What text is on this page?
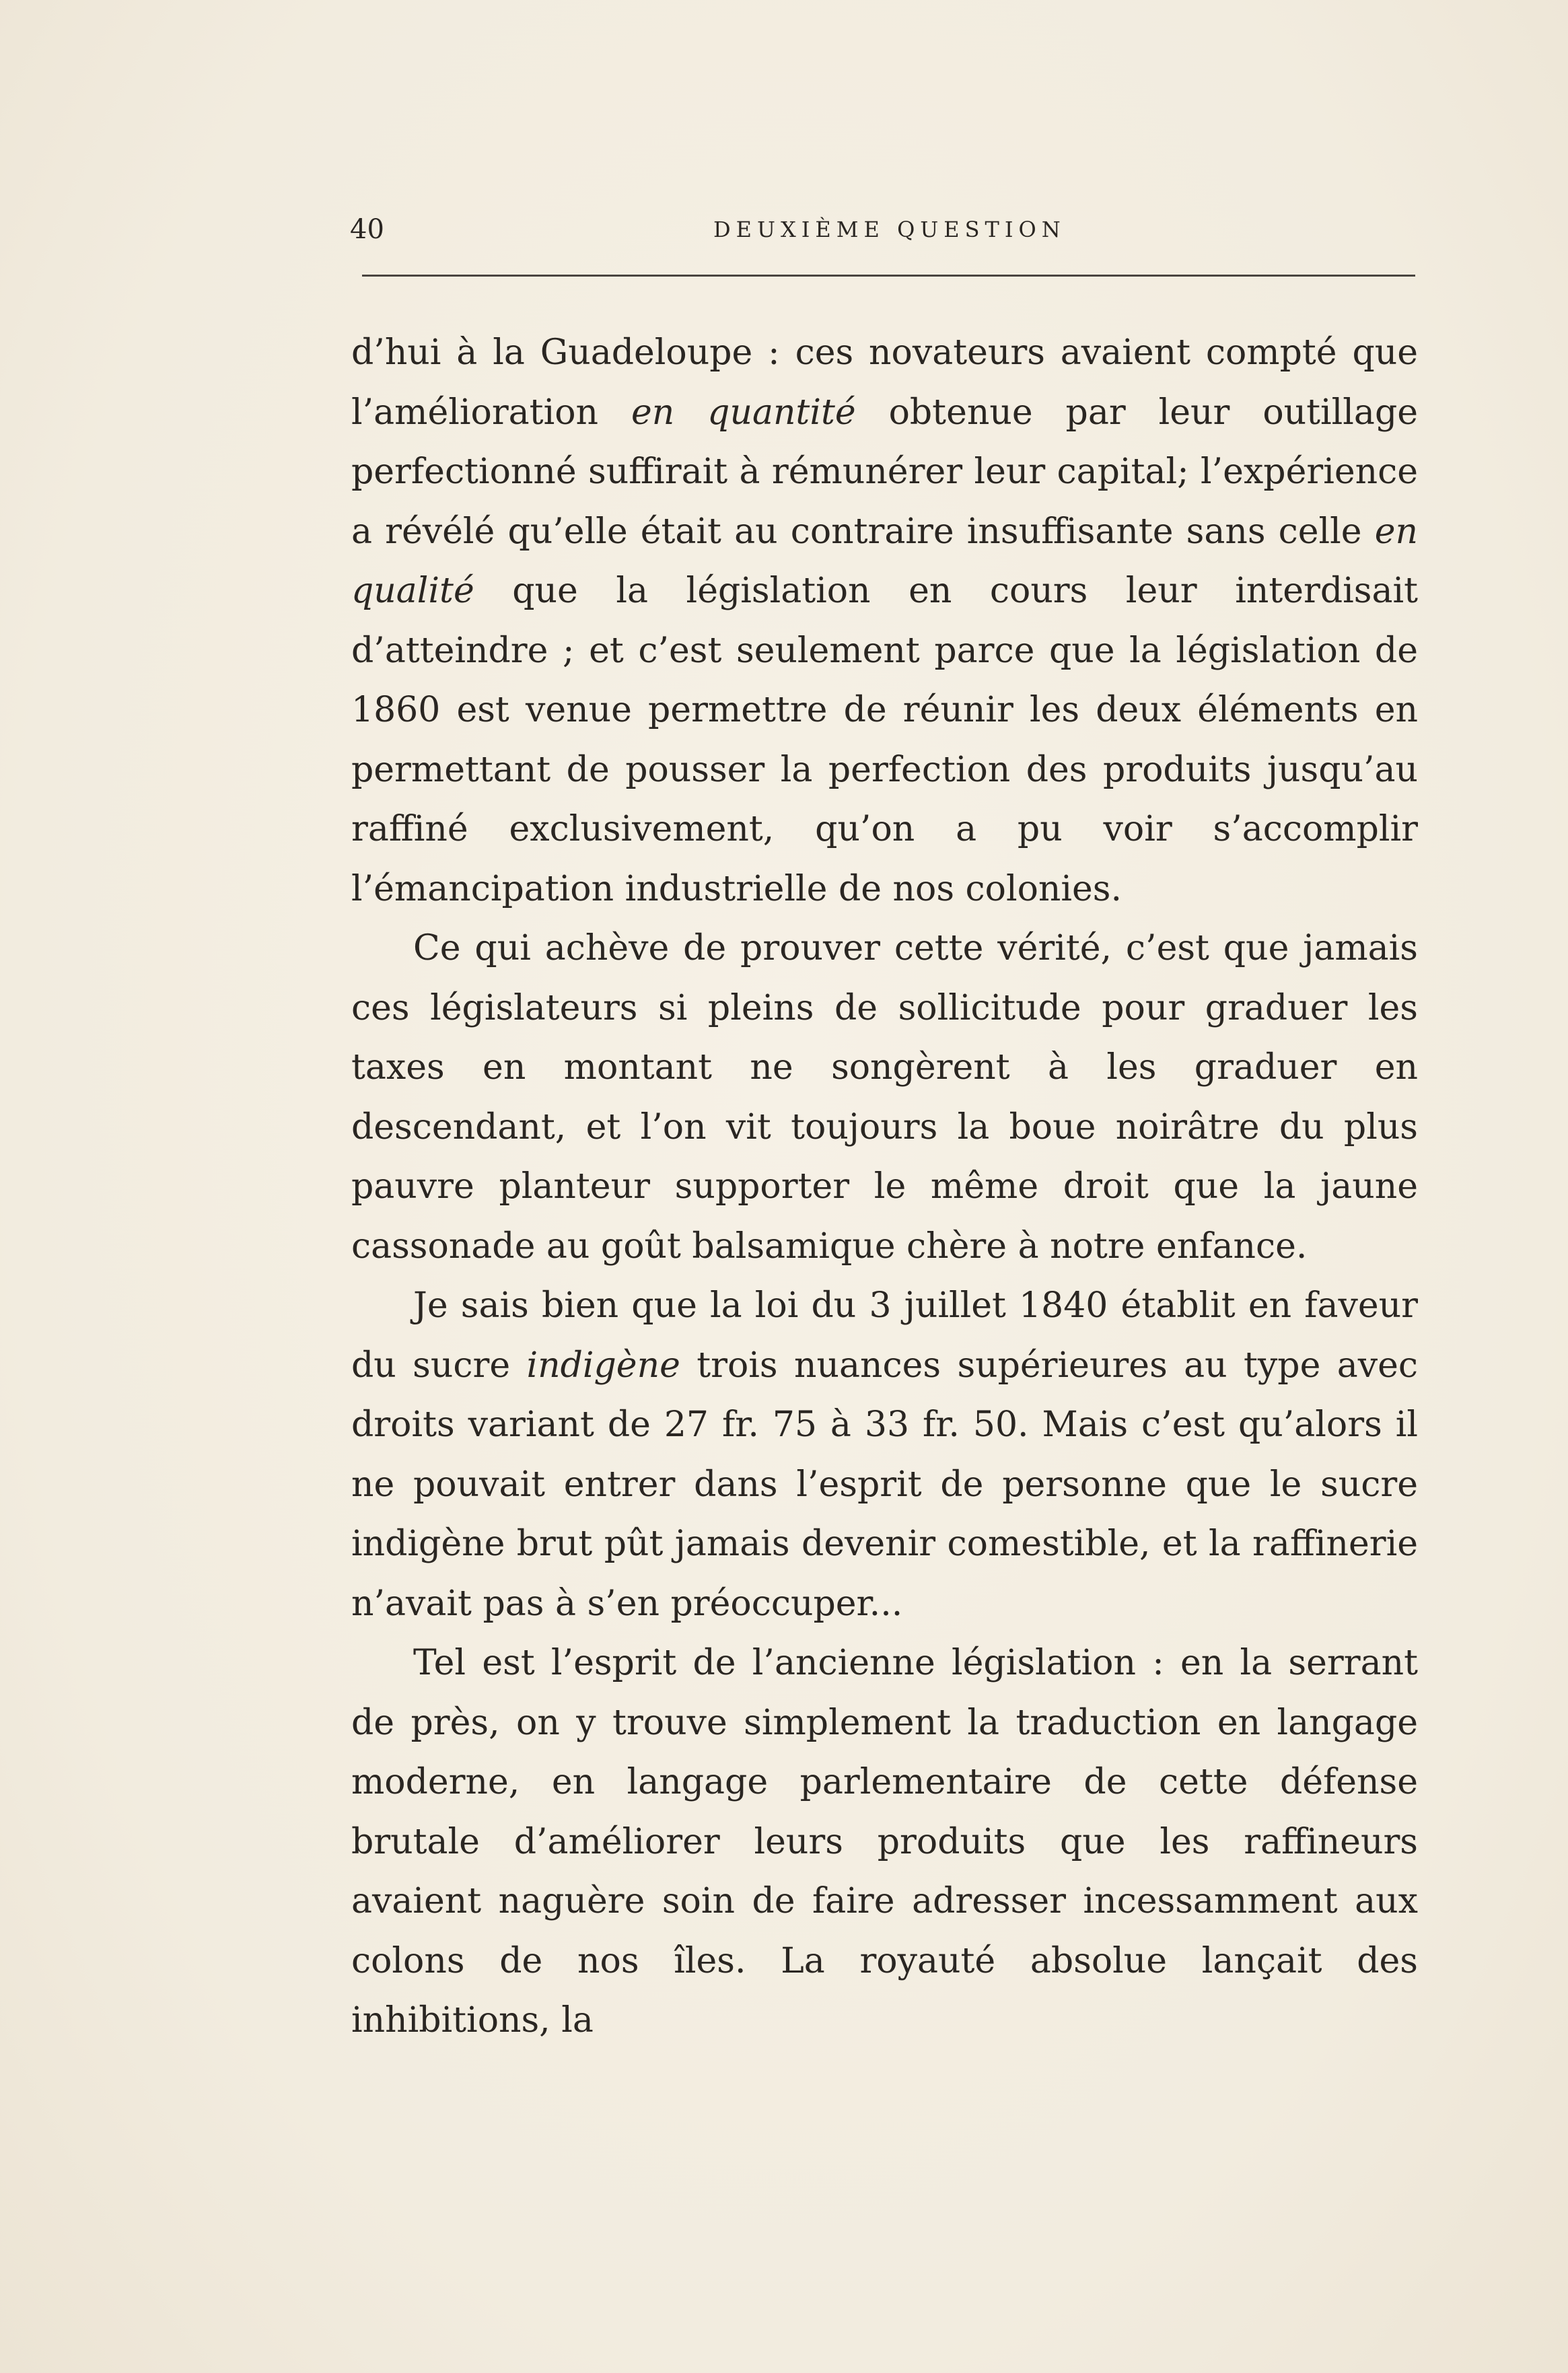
40	DEUXIÈME QUESTION

d’hui à la Guadeloupe : ces novateurs avaient compté que l’amélioration en quantité obtenue par leur outillage perfectionné suffirait à rémunérer leur capital; l’expérience a révélé qu’elle était au contraire insuffisante sans celle en qualité que la législation en cours leur interdisait d’atteindre ; et c’est seulement parce que la législation de 1860 est venue permettre de réunir les deux éléments en permettant de pousser la perfection des produits jusqu’au raffiné exclusivement, qu’on a pu voir s’accomplir l’émancipation industrielle de nos colonies.

Ce qui achève de prouver cette vérité, c’est que jamais ces législateurs si pleins de sollicitude pour graduer les taxes en montant ne songèrent à les graduer en descendant, et l’on vit toujours la boue noirâtre du plus pauvre planteur supporter le même droit que la jaune cassonade au goût balsamique chère à notre enfance.

Je sais bien que la loi du 3 juillet 1840 établit en faveur du sucre indigène trois nuances supérieures au type avec droits variant de 27 fr. 75 à 33 fr. 50. Mais c’est qu’alors il ne pouvait entrer dans l’esprit de personne que le sucre indigène brut pût jamais devenir comestible, et la raffinerie n’avait pas à s’en préoccuper...

Tel est l’esprit de l’ancienne législation : en la serrant de près, on y trouve simplement la traduction en langage moderne, en langage parlementaire de cette défense brutale d’améliorer leurs produits que les raffineurs avaient naguère soin de faire adresser incessamment aux colons de nos îles. La royauté absolue lançait des inhibitions, la
